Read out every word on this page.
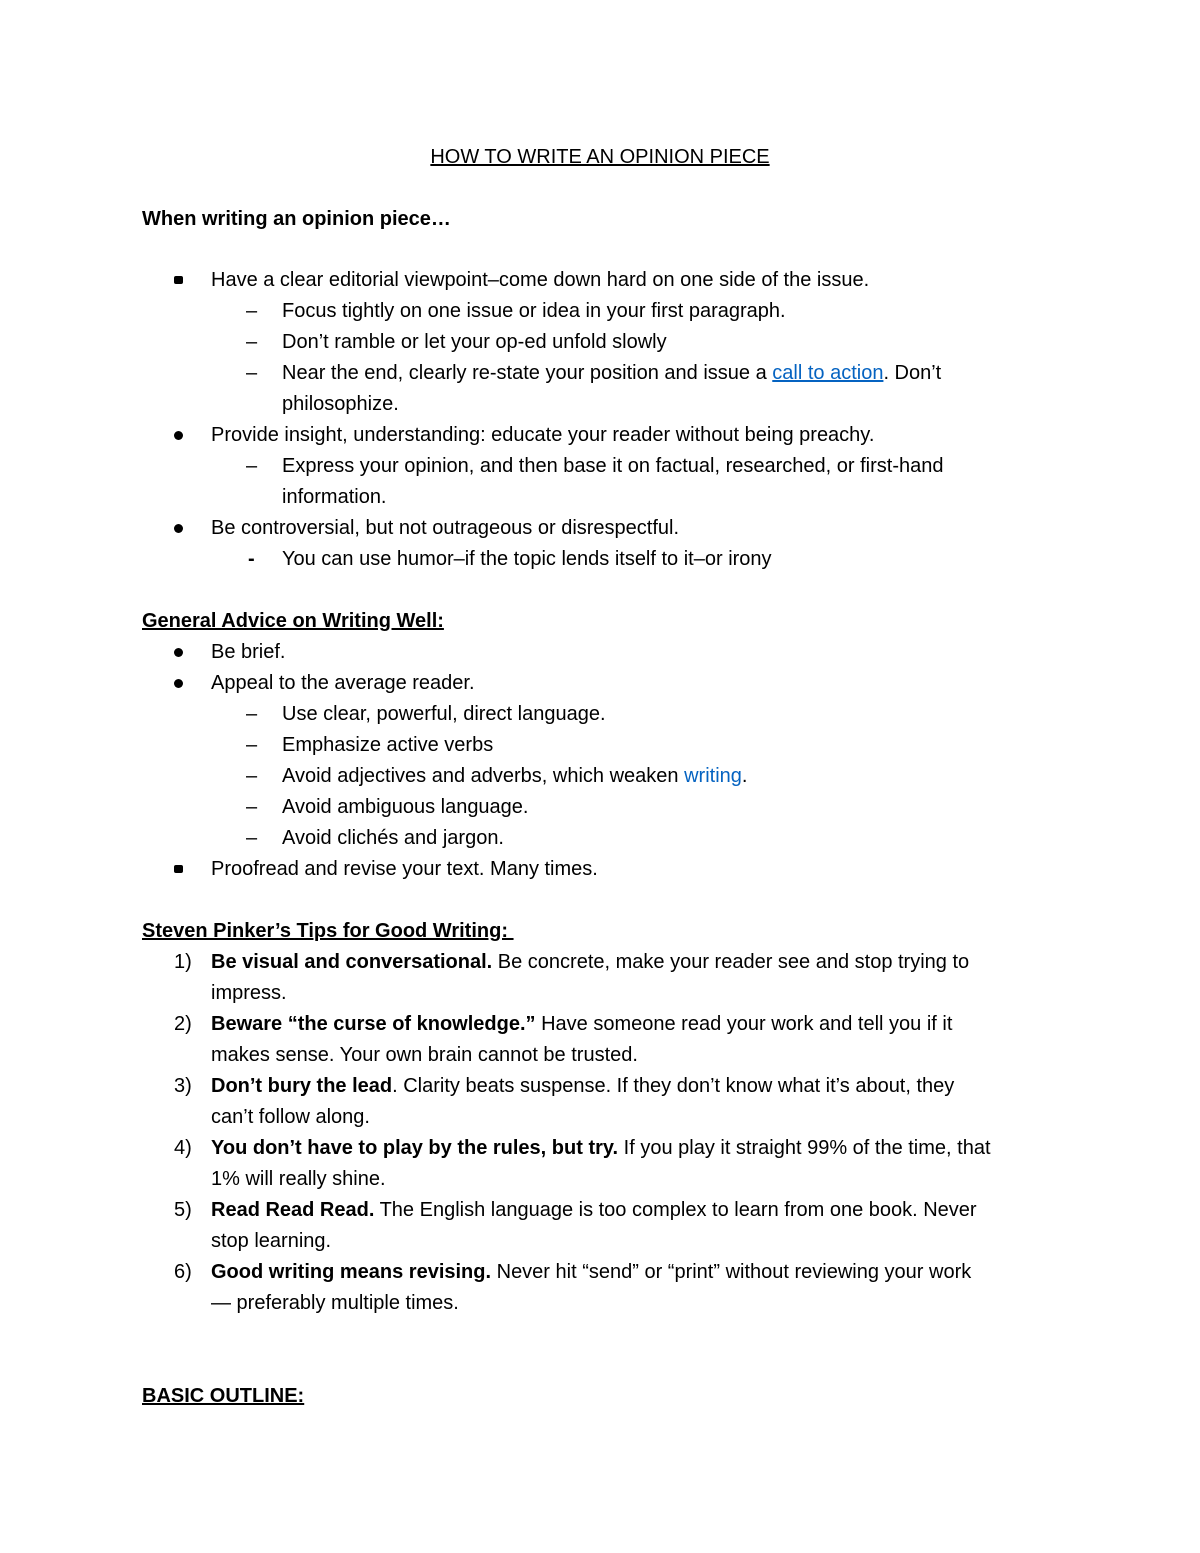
HOW TO WRITE AN OPINION PIECE
When writing an opinion piece…
Have a clear editorial viewpoint–come down hard on one side of the issue.
– Focus tightly on one issue or idea in your first paragraph.
– Don’t ramble or let your op-ed unfold slowly
– Near the end, clearly re-state your position and issue a call to action. Don’t
philosophize.
Provide insight, understanding: educate your reader without being preachy.
– Express your opinion, and then base it on factual, researched, or first-hand
information.
Be controversial, but not outrageous or disrespectful.
- You can use humor–if the topic lends itself to it–or irony
General Advice on Writing Well:
Be brief.
Appeal to the average reader.
– Use clear, powerful, direct language.
– Emphasize active verbs
– Avoid adjectives and adverbs, which weaken writing.
– Avoid ambiguous language.
– Avoid clichés and jargon.
Proofread and revise your text. Many times.
Steven Pinker’s Tips for Good Writing:
1) Be visual and conversational. Be concrete, make your reader see and stop trying to
impress.
2) Beware “the curse of knowledge.” Have someone read your work and tell you if it
makes sense. Your own brain cannot be trusted.
3) Don’t bury the lead. Clarity beats suspense. If they don’t know what it’s about, they
can’t follow along.
4) You don’t have to play by the rules, but try. If you play it straight 99% of the time, that
1% will really shine.
5) Read Read Read. The English language is too complex to learn from one book. Never
stop learning.
6) Good writing means revising. Never hit “send” or “print” without reviewing your work
— preferably multiple times.
BASIC OUTLINE:
